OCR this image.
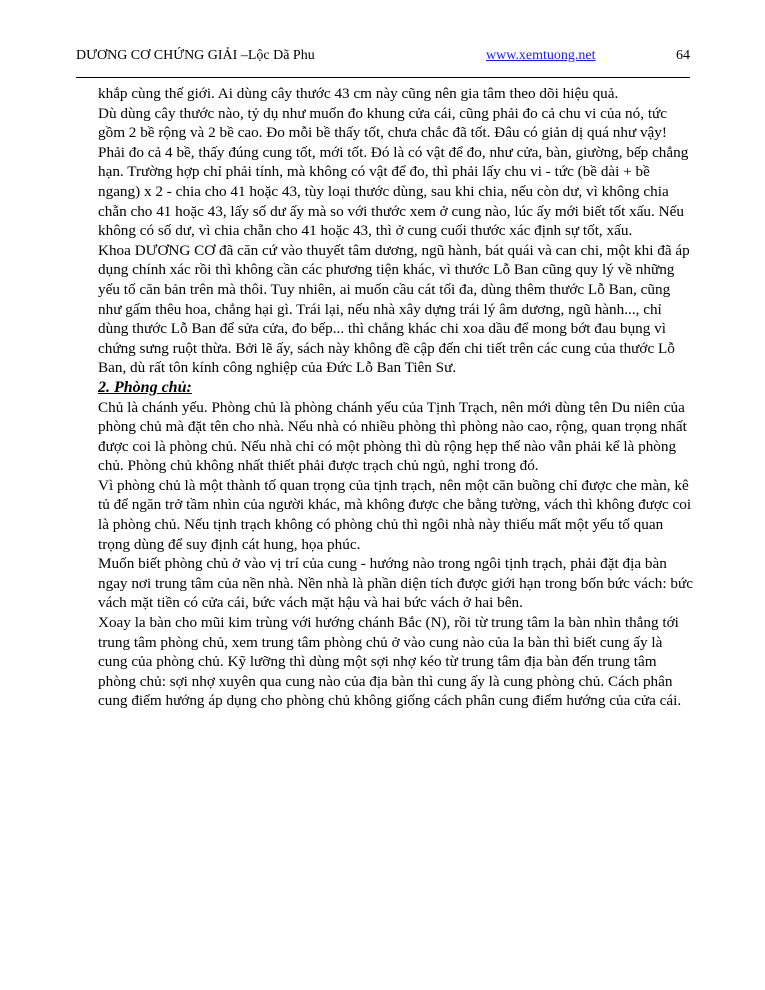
DƯƠNG CƠ CHỨNG GIẢI –Lộc Dã Phu	www.xemtuong.net	64

khắp cùng thế giới. Ai dùng cây thước 43 cm này cũng nên gia tâm theo dõi hiệu quả.

Dù dùng cây thước nào, tỷ dụ như muốn đo khung cửa cái, cũng phải đo cả chu vi của nó, tức gồm 2 bề rộng và 2 bề cao. Đo mỗi bề thấy tốt, chưa chắc đã tốt. Đâu có giản dị quá như vậy! Phải đo cả 4 bề, thấy đúng cung tốt, mới tốt. Đó là có vật để đo, như cửa, bàn, giường, bếp chẳng hạn. Trường hợp chỉ phải tính, mà không có vật để đo, thì phải lấy chu vi - tức (bề dài + bề ngang) x 2 - chia cho 41 hoặc 43, tùy loại thước dùng, sau khi chia, nếu còn dư, vì không chia chẵn cho 41 hoặc 43, lấy số dư ấy mà so với thước xem ở cung nào, lúc ấy mới biết tốt xấu. Nếu không có số dư, vì chia chẵn cho 41 hoặc 43, thì ở cung cuối thước xác định sự tốt, xấu.

Khoa DƯƠNG CƠ đã căn cứ vào thuyết tâm dương, ngũ hành, bát quái và can chi, một khi đã áp dụng chính xác rồi thì không cần các phương tiện khác, vì thước Lỗ Ban cũng quy lý về những yếu tố căn bản trên mà thôi. Tuy nhiên, ai muốn cầu cát tối đa, dùng thêm thước Lỗ Ban, cũng như gấm thêu hoa, chẳng hại gì. Trái lại, nếu nhà xây dựng trái lý âm dương, ngũ hành..., chỉ dùng thước Lỗ Ban để sửa cửa, đo bếp... thì chẳng khác chi xoa dầu để mong bớt đau bụng vì chứng sưng ruột thừa. Bởi lẽ ấy, sách này không đề cập đến chi tiết trên các cung của thước Lỗ Ban, dù rất tôn kính công nghiệp của Đức Lỗ Ban Tiên Sư.

2. Phòng chủ:

Chủ là chánh yếu. Phòng chủ là phòng chánh yếu của Tịnh Trạch, nên mới dùng tên Du niên của phòng chủ mà đặt tên cho nhà. Nếu nhà có nhiều phòng thì phòng nào cao, rộng, quan trọng nhất được coi là phòng chủ. Nếu nhà chỉ có một phòng thì dù rộng hẹp thế nào vẫn phải kể là phòng chủ. Phòng chủ không nhất thiết phải được trạch chủ ngủ, nghỉ trong đó.

Vì phòng chủ là một thành tố quan trọng của tịnh trạch, nên một căn buồng chỉ được che màn, kê tủ để ngăn trở tầm nhìn của người khác, mà không được che bằng tường, vách thì không được coi là phòng chủ. Nếu tịnh trạch không có phòng chủ thì ngôi nhà này thiếu mất một yếu tố quan trọng dùng để suy định cát hung, họa phúc.

Muốn biết phòng chủ ở vào vị trí của cung - hướng nào trong ngôi tịnh trạch, phải đặt địa bàn ngay nơi trung tâm của nền nhà. Nền nhà là phần diện tích được giới hạn trong bốn bức vách: bức vách mặt tiền có cửa cái, bức vách mặt hậu và hai bức vách ở hai bên.

Xoay la bàn cho mũi kim trùng với hướng chánh Bắc (N), rồi từ trung tâm la bàn nhìn thẳng tới trung tâm phòng chủ, xem trung tâm phòng chủ ở vào cung nào của la bàn thì biết cung ấy là cung của phòng chủ. Kỹ lưỡng thì dùng một sợi nhợ kéo từ trung tâm địa bàn đến trung tâm phòng chủ: sợi nhợ xuyên qua cung nào của địa bàn thì cung ấy là cung phòng chủ. Cách phân cung điểm hướng áp dụng cho phòng chủ không giống cách phân cung điểm hướng của cửa cái.
